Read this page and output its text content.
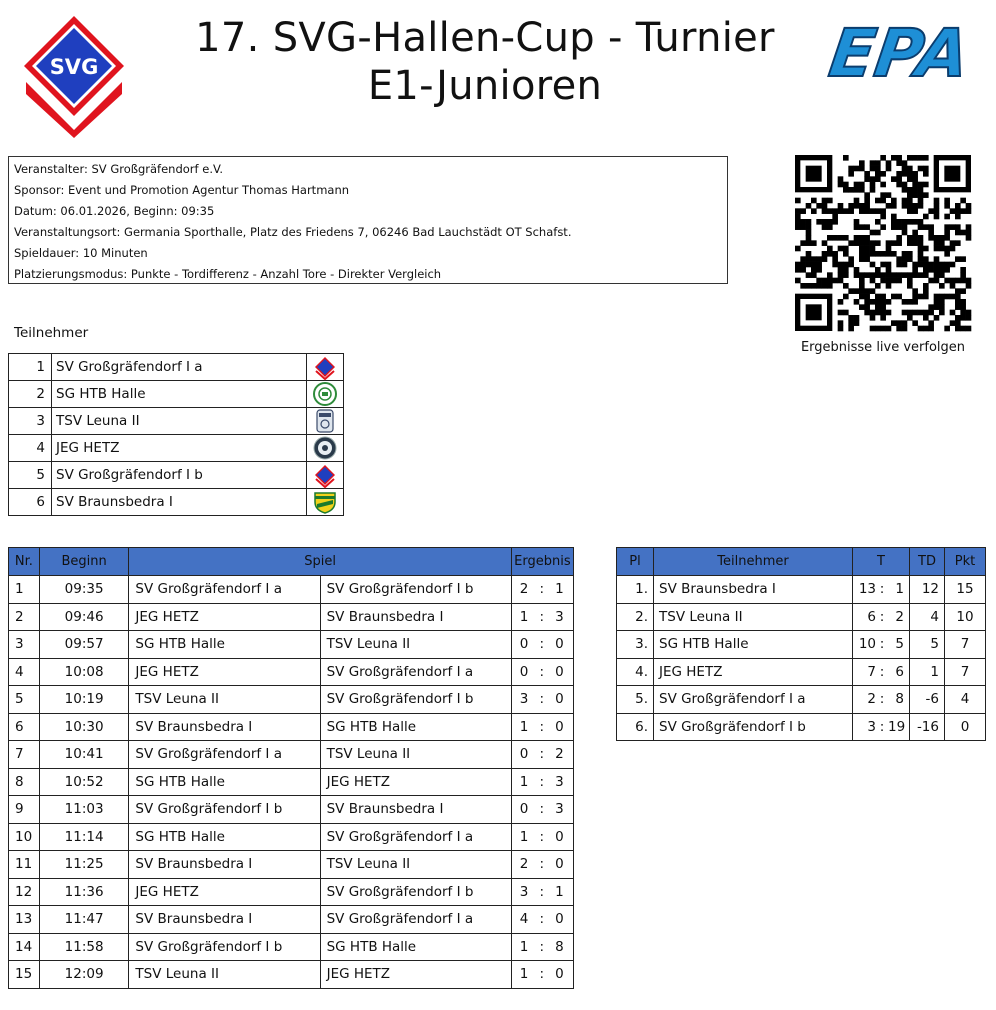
SVG
17. SVG-Hallen-Cup - Turnier
E1-Junioren	EPA
Veranstalter: SV Großgräfendorf e.V.
Sponsor: Event und Promotion Agentur Thomas Hartmann
Datum: 06.01.2026, Beginn: 09:35
Veranstaltungsort: Germania Sporthalle, Platz des Friedens 7, 06246 Bad Lauchstädt OT Schafst.
Spieldauer: 10 Minuten
Platzierungsmodus: Punkte - Tordifferenz - Anzahl Tore - Direkter Vergleich
Ergebnisse live verfolgen
Teilnehmer
1	SV Großgräfendorf I a	

2	SG HTB Halle	

3	TSV Leuna II	

4	JEG HETZ	

5	SV Großgräfendorf I b	

6	SV Braunsbedra I	
Nr.	Beginn	Spiel		Ergebnis
1	09:35	SV Großgräfendorf I a	SV Großgräfendorf I b	2 : 1
2	09:46	JEG HETZ	SV Braunsbedra I	1 : 3
3	09:57	SG HTB Halle	TSV Leuna II	0 : 0
4	10:08	JEG HETZ	SV Großgräfendorf I a	0 : 0
5	10:19	TSV Leuna II	SV Großgräfendorf I b	3 : 0
6	10:30	SV Braunsbedra I	SG HTB Halle	1 : 0
7	10:41	SV Großgräfendorf I a	TSV Leuna II	0 : 2
8	10:52	SG HTB Halle	JEG HETZ	1 : 3
9	11:03	SV Großgräfendorf I b	SV Braunsbedra I	0 : 3
10	11:14	SG HTB Halle	SV Großgräfendorf I a	1 : 0
11	11:25	SV Braunsbedra I	TSV Leuna II	2 : 0
12	11:36	JEG HETZ	SV Großgräfendorf I b	3 : 1
13	11:47	SV Braunsbedra I	SV Großgräfendorf I a	4 : 0
14	11:58	SV Großgräfendorf I b	SG HTB Halle	1 : 8
15	12:09	TSV Leuna II	JEG HETZ	1 : 0
Pl	Teilnehmer	T	TD	Pkt
1.	SV Braunsbedra I	13 : 1	12	15
2.	TSV Leuna II	6 : 2	4	10
3.	SG HTB Halle	10 : 5	5	7
4.	JEG HETZ	7 : 6	1	7
5.	SV Großgräfendorf I a	2 : 8	-6	4
6.	SV Großgräfendorf I b	3 : 19	-16	0
